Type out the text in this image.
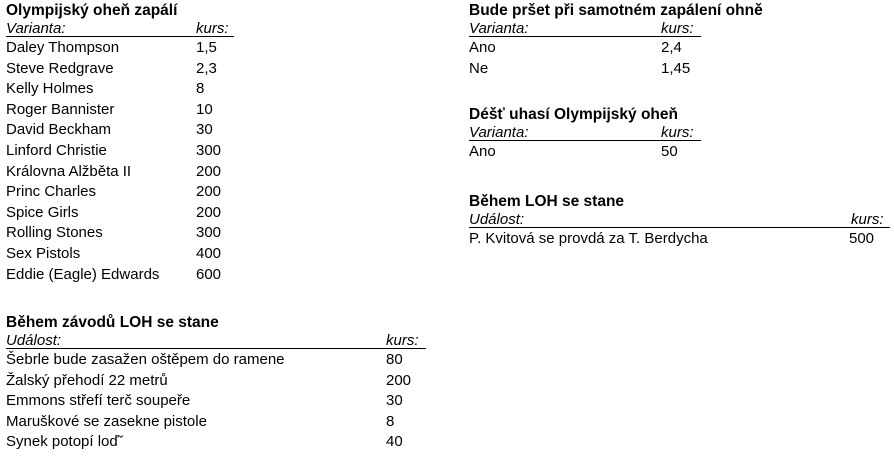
Olympijský oheň zapálí
Varianta:	kurs:
Daley Thompson	1,5
Steve Redgrave	2,3
Kelly Holmes	8
Roger Bannister	10
David Beckham	30
Linford Christie	300
Královna Alžběta II	200
Princ Charles	200
Spice Girls	200
Rolling Stones	300
Sex Pistols	400
Eddie (Eagle) Edwards 600
Během závodů LOH se stane
Událost:	kurs:
Šebrle bude zasažen oštěpem do ramene	80
Žalský přehodí 22 metrů	200
Emmons střefí terč soupeře	30
Maruškové se zasekne pistole	8
Synek potopí loďˇ	40
Bude pršet při samotném zapálení ohně
Varianta:	kurs:
Ano	2,4
Ne	1,45
Déšť uhasí Olympijský oheň
Varianta:	kurs:
Ano	50
Během LOH se stane
Událost:	kurs:
P. Kvitová se provdá za T. Berdycha	500
